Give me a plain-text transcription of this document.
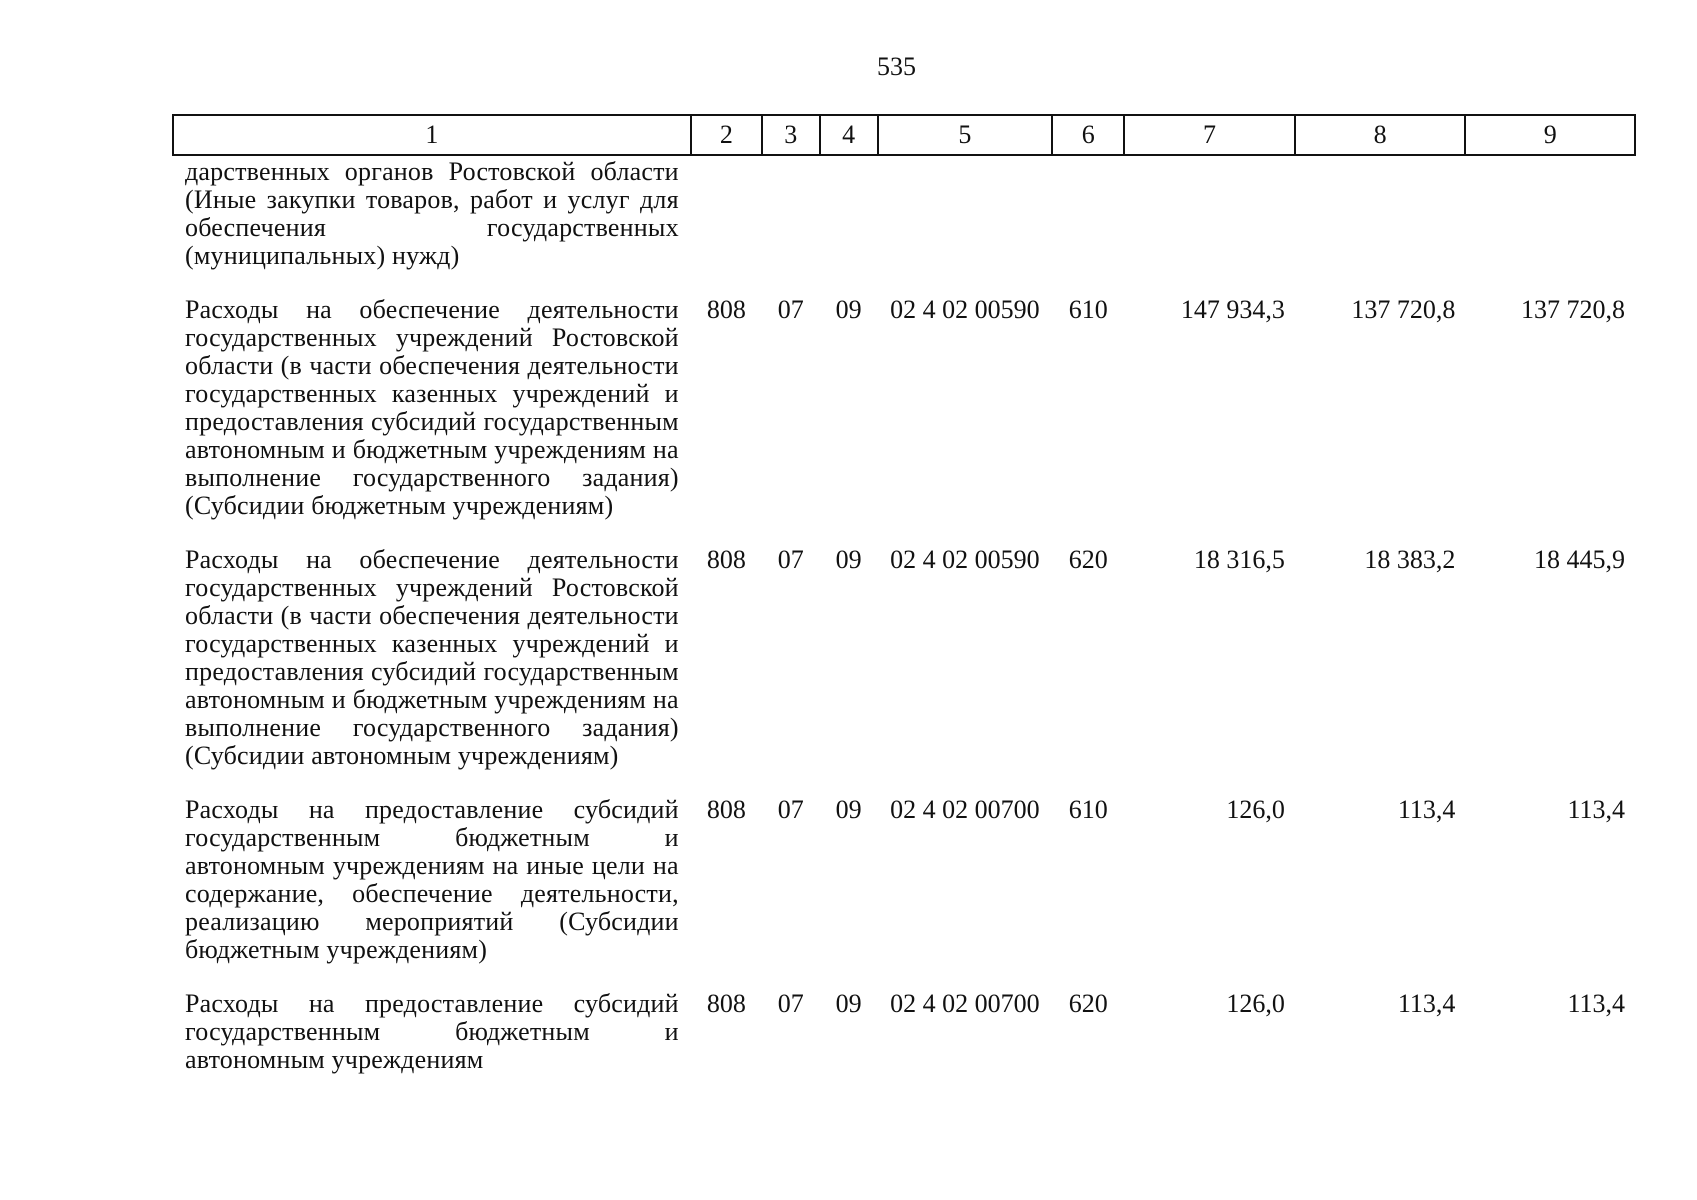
535
1	2	3	4	5	6	7	8	9
дарственных органов Ростовской области (Иные закупки товаров, работ и услуг для обеспечения государственных (муниципальных) нужд)								
Расходы на обеспечение деятельности государственных учреждений Ростовской области (в части обеспечения деятельности государственных казенных учреждений и предоставления субсидий государственным автономным и бюджетным учреждениям на выполнение государственного задания) (Субсидии бюджетным учреждениям)	808	07	09	02 4 02 00590	610	147 934,3	137 720,8	137 720,8
Расходы на обеспечение деятельности государственных учреждений Ростовской области (в части обеспечения деятельности государственных казенных учреждений и предоставления субсидий государственным автономным и бюджетным учреждениям на выполнение государственного задания) (Субсидии автономным учреждениям)	808	07	09	02 4 02 00590	620	18 316,5	18 383,2	18 445,9
Расходы на предоставление субсидий государственным бюджетным и автономным учреждениям на иные цели на содержание, обеспечение деятельности, реализацию мероприятий (Субсидии бюджетным учреждениям)	808	07	09	02 4 02 00700	610	126,0	113,4	113,4
Расходы на предоставление субсидий государственным бюджетным и автономным учреждениям	808	07	09	02 4 02 00700	620	126,0	113,4	113,4
